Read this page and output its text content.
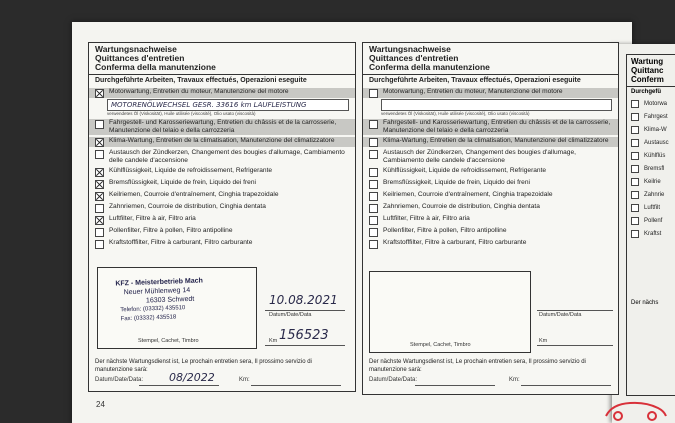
24
Wartung
Quittanc
Conferm
Durchgefü
Motorwa
Fahrgest
Klima-W
Austausc
Kühlflüs
Bremsfl
Keilrie
Zahnrie
Luftfilt
Pollenf
Kraftst
Der nächs
Wartungsnachweise
Quittances d'entretien
Conferma della manutenzione
Durchgeführte Arbeiten, Travaux effectués, Operazioni eseguite
Motorwartung, Entretien du moteur, Manutenzione del motore
MOTORENÖLWECHSEL GESR. 33616 km LAUFLEISTUNG
verwendetes Öl (Viskosität), Huile utilisée (viscosité), Olio usato (viscosità)
Fahrgestell- und Karosseriewartung, Entretien du châssis et de la carrosserie, Manutenzione del telaio e della carrozzeria
Klima-Wartung, Entretien de la climatisation, Manutenzione del climatizzatore
Austausch der Zündkerzen, Changement des bougies d'allumage, Cambiamento delle candele d'accensione
Kühlflüssigkeit, Liquide de refroidissement, Refrigerante
Bremsflüssigkeit, Liquide de frein, Liquido dei freni
Keilriemen, Courroie d'entraînement, Cinghia trapezoidale
Zahnriemen, Courroie de distribution, Cinghia dentata
Luftfilter, Filtre à air, Filtro aria
Pollenfilter, Filtre à pollen, Filtro antipolline
Kraftstofffilter, Filtre à carburant, Filtro carburante
KFZ - Meisterbetrieb Mach
Neuer Mühlenweg 14
16303 Schwedt
Telefon: (03332) 435510
Fax: (03332) 435518
Stempel, Cachet, Timbro
10.08.2021
Datum/Date/Data
156523
Km
Der nächste Wartungsdienst ist, Le prochain entretien sera, Il prossimo servizio di manutenzione sarà:
Datum/Date/Data: 08/2022	Km:
Wartungsnachweise
Quittances d'entretien
Conferma della manutenzione
Durchgeführte Arbeiten, Travaux effectués, Operazioni eseguite
Motorwartung, Entretien du moteur, Manutenzione del motore
verwendetes Öl (Viskosität), Huile utilisée (viscosité), Olio usato (viscosità)
Fahrgestell- und Karosseriewartung, Entretien du châssis et de la carrosserie, Manutenzione del telaio e della carrozzeria
Klima-Wartung, Entretien de la climatisation, Manutenzione del climatizzatore
Austausch der Zündkerzen, Changement des bougies d'allumage, Cambiamento delle candele d'accensione
Kühlflüssigkeit, Liquide de refroidissement, Refrigerante
Bremsflüssigkeit, Liquide de frein, Liquido dei freni
Keilriemen, Courroie d'entraînement, Cinghia trapezoidale
Zahnriemen, Courroie de distribution, Cinghia dentata
Luftfilter, Filtre à air, Filtro aria
Pollenfilter, Filtre à pollen, Filtro antipolline
Kraftstofffilter, Filtre à carburant, Filtro carburante
Stempel, Cachet, Timbro
Datum/Date/Data
Km
Der nächste Wartungsdienst ist, Le prochain entretien sera, Il prossimo servizio di manutenzione sarà:
Datum/Date/Data:	Km:
